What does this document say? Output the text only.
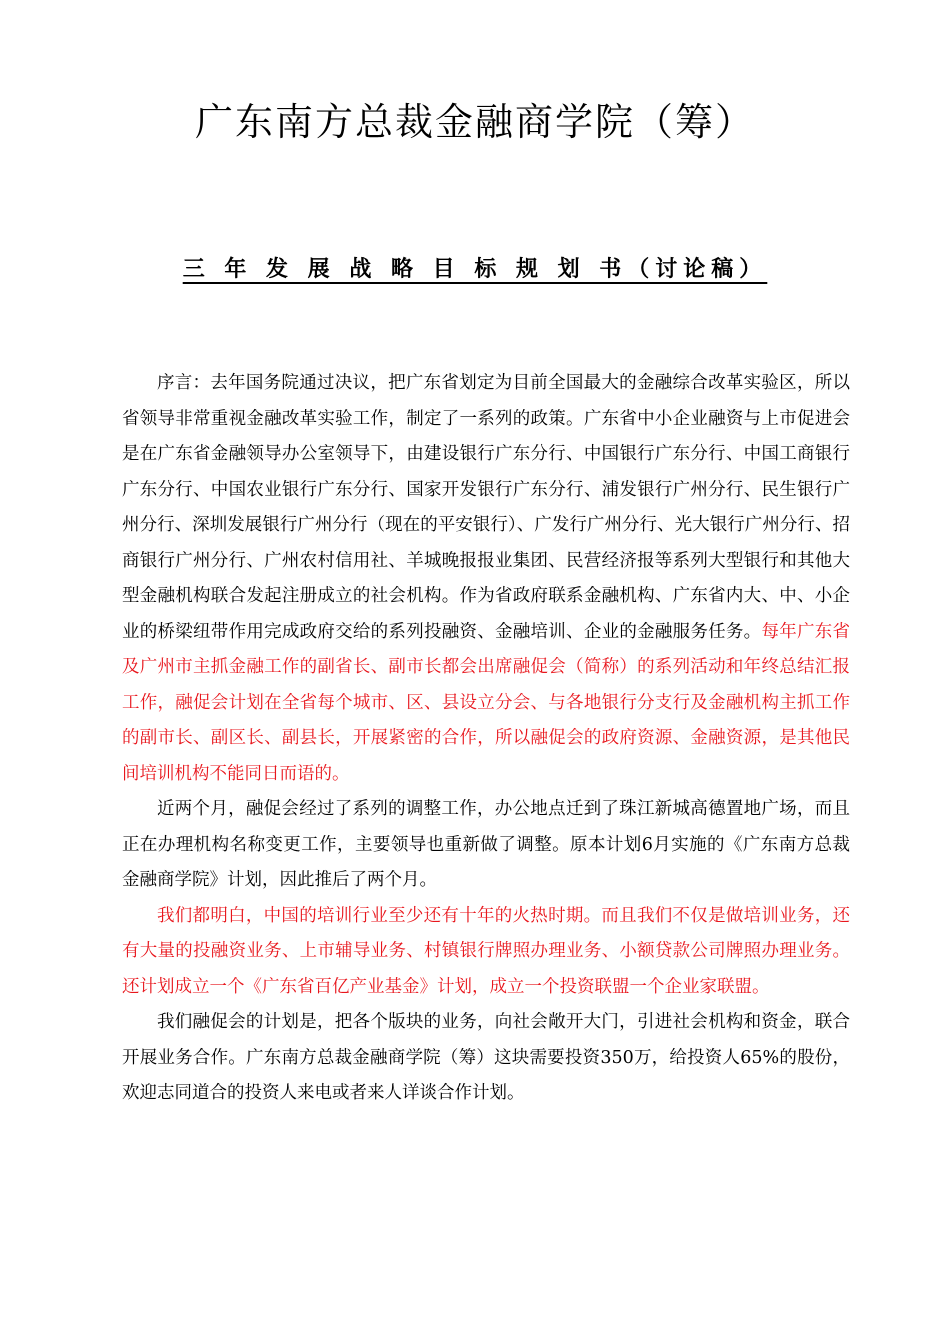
广东南方总裁金融商学院（筹）
三 年 发 展 战 略 目 标 规 划 书（讨论稿）

序言：去年国务院通过决议，把广东省划定为目前全国最大的金融综合改革实验区，所以省领导非常重视金融改革实验工作，制定了一系列的政策。广东省中小企业融资与上市促进会是在广东省金融领导办公室领导下，由建设银行广东分行、中国银行广东分行、中国工商银行广东分行、中国农业银行广东分行、国家开发银行广东分行、浦发银行广州分行、民生银行广州分行、深圳发展银行广州分行（现在的平安银行）、广发行广州分行、光大银行广州分行、招商银行广州分行、广州农村信用社、羊城晚报报业集团、民营经济报等系列大型银行和其他大型金融机构联合发起注册成立的社会机构。作为省政府联系金融机构、广东省内大、中、小企业的桥梁纽带作用完成政府交给的系列投融资、金融培训、企业的金融服务任务。每年广东省及广州市主抓金融工作的副省长、副市长都会出席融促会（简称）的系列活动和年终总结汇报工作，融促会计划在全省每个城市、区、县设立分会、与各地银行分支行及金融机构主抓工作的副市长、副区长、副县长，开展紧密的合作，所以融促会的政府资源、金融资源，是其他民间培训机构不能同日而语的。

近两个月，融促会经过了系列的调整工作，办公地点迁到了珠江新城高德置地广场，而且正在办理机构名称变更工作，主要领导也重新做了调整。原本计划6月实施的《广东南方总裁金融商学院》计划，因此推后了两个月。

我们都明白，中国的培训行业至少还有十年的火热时期。而且我们不仅是做培训业务，还有大量的投融资业务、上市辅导业务、村镇银行牌照办理业务、小额贷款公司牌照办理业务。还计划成立一个《广东省百亿产业基金》计划，成立一个投资联盟一个企业家联盟。

我们融促会的计划是，把各个版块的业务，向社会敞开大门，引进社会机构和资金，联合开展业务合作。广东南方总裁金融商学院（筹）这块需要投资350万，给投资人65%的股份，欢迎志同道合的投资人来电或者来人详谈合作计划。
